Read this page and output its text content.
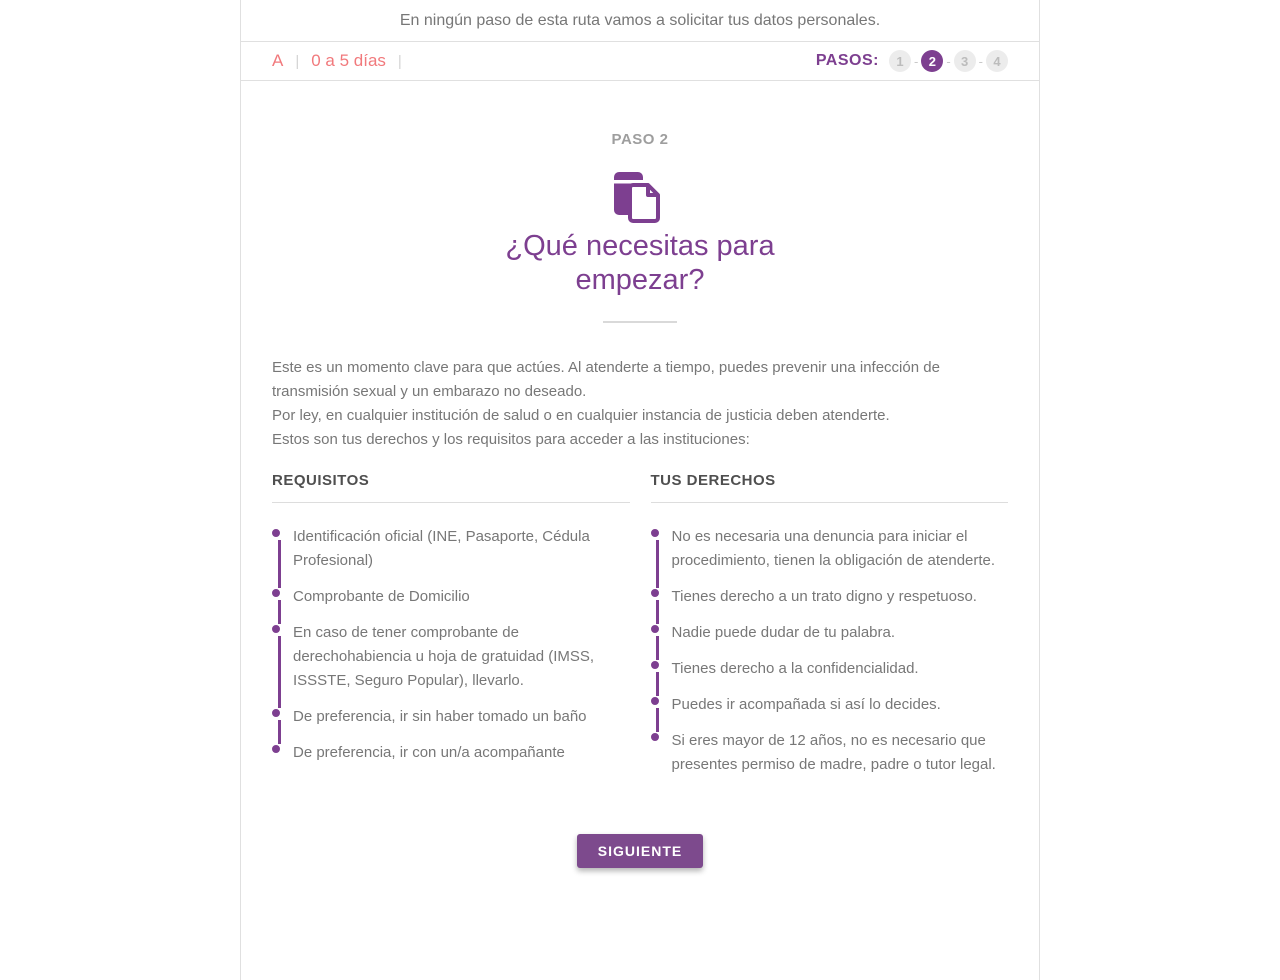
En ningún paso de esta ruta vamos a solicitar tus datos personales.

A | 0 a 5 días |	PASOS:	1 - 2 - 3 - 4
PASO 2
¿Qué necesitas para empezar?

Este es un momento clave para que actúes. Al atenderte a tiempo, puedes prevenir una infección de transmisión sexual y un embarazo no deseado.

Por ley, en cualquier institución de salud o en cualquier instancia de justicia deben atenderte.

Estos son tus derechos y los requisitos para acceder a las instituciones:

REQUISITOS
Identificación oficial (INE, Pasaporte, Cédula Profesional)
Comprobante de Domicilio
En caso de tener comprobante de derechohabiencia u hoja de gratuidad (IMSS, ISSSTE, Seguro Popular), llevarlo.
De preferencia, ir sin haber tomado un baño
De preferencia, ir con un/a acompañante
TUS DERECHOS
No es necesaria una denuncia para iniciar el procedimiento, tienen la obligación de atenderte.
Tienes derecho a un trato digno y respetuoso.
Nadie puede dudar de tu palabra.
Tienes derecho a la confidencialidad.
Puedes ir acompañada si así lo decides.
Si eres mayor de 12 años, no es necesario que presentes permiso de madre, padre o tutor legal.
SIGUIENTE
